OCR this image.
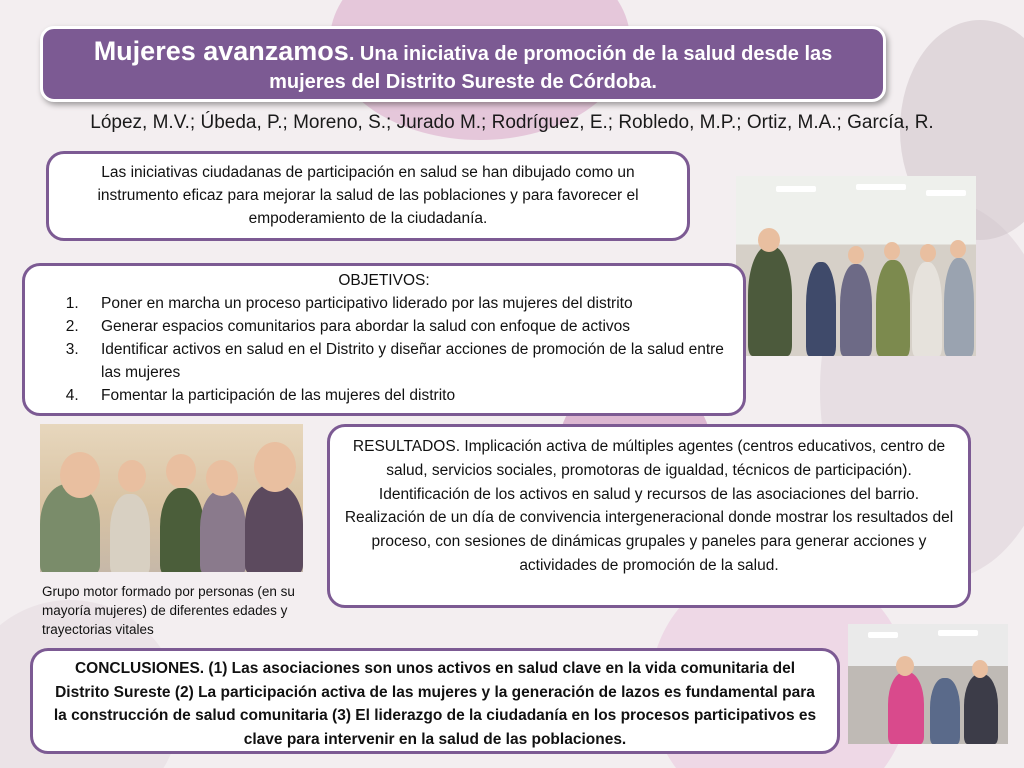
Mujeres avanzamos. Una iniciativa de promoción de la salud desde las
mujeres del Distrito Sureste de Córdoba.
López, M.V.; Úbeda, P.; Moreno, S.; Jurado M.; Rodríguez, E.; Robledo, M.P.; Ortiz, M.A.; García, R.
Las iniciativas ciudadanas de participación en salud se han dibujado como un instrumento eficaz para mejorar la salud de las poblaciones y para favorecer el empoderamiento de la ciudadanía.
OBJETIVOS:
1. Poner en marcha un proceso participativo liderado por las mujeres del distrito
2. Generar espacios comunitarios para abordar la salud con enfoque de activos
3. Identificar activos en salud en el Distrito y diseñar acciones de promoción de la salud entre las mujeres
4. Fomentar la participación de las mujeres del distrito
Grupo motor formado por personas (en su mayoría mujeres) de diferentes edades y trayectorias vitales
RESULTADOS. Implicación activa de múltiples agentes (centros educativos, centro de salud, servicios sociales, promotoras de igualdad, técnicos de participación). Identificación de los activos en salud y recursos de las asociaciones del barrio. Realización de un día de convivencia intergeneracional donde mostrar los resultados del proceso, con sesiones de dinámicas grupales y paneles para generar acciones y actividades de promoción de la salud.
CONCLUSIONES. (1) Las asociaciones son unos activos en salud clave en la vida comunitaria del Distrito Sureste (2) La participación activa de las mujeres y la generación de lazos es fundamental para la construcción de salud comunitaria (3) El liderazgo de la ciudadanía en los procesos participativos es clave para intervenir en la salud de las poblaciones.
